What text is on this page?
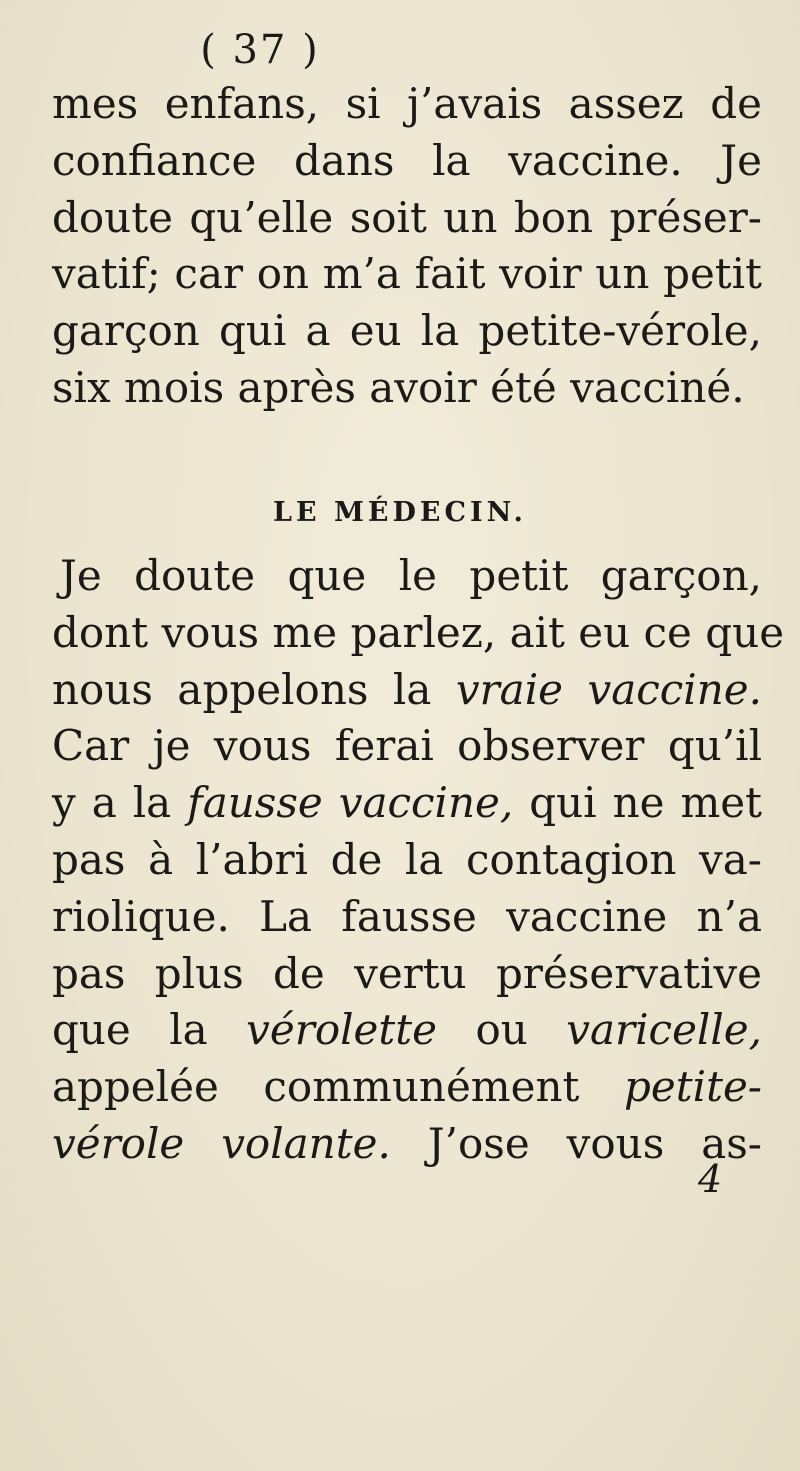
( 37 )
mes enfans, si j’avais assez de
confiance dans la vaccine. Je
doute qu’elle soit un bon préser-
vatif; car on m’a fait voir un petit
garçon qui a eu la petite-vérole,
six mois après avoir été vacciné.
LE MÉDECIN.
Je doute que le petit garçon,
dont vous me parlez, ait eu ce que
nous appelons la vraie vaccine.
Car je vous ferai observer qu’il
y a la fausse vaccine, qui ne met
pas à l’abri de la contagion va-
riolique. La fausse vaccine n’a
pas plus de vertu préservative
que la vérolette ou varicelle,
appelée communément petite-
vérole volante. J’ose vous as-
4
